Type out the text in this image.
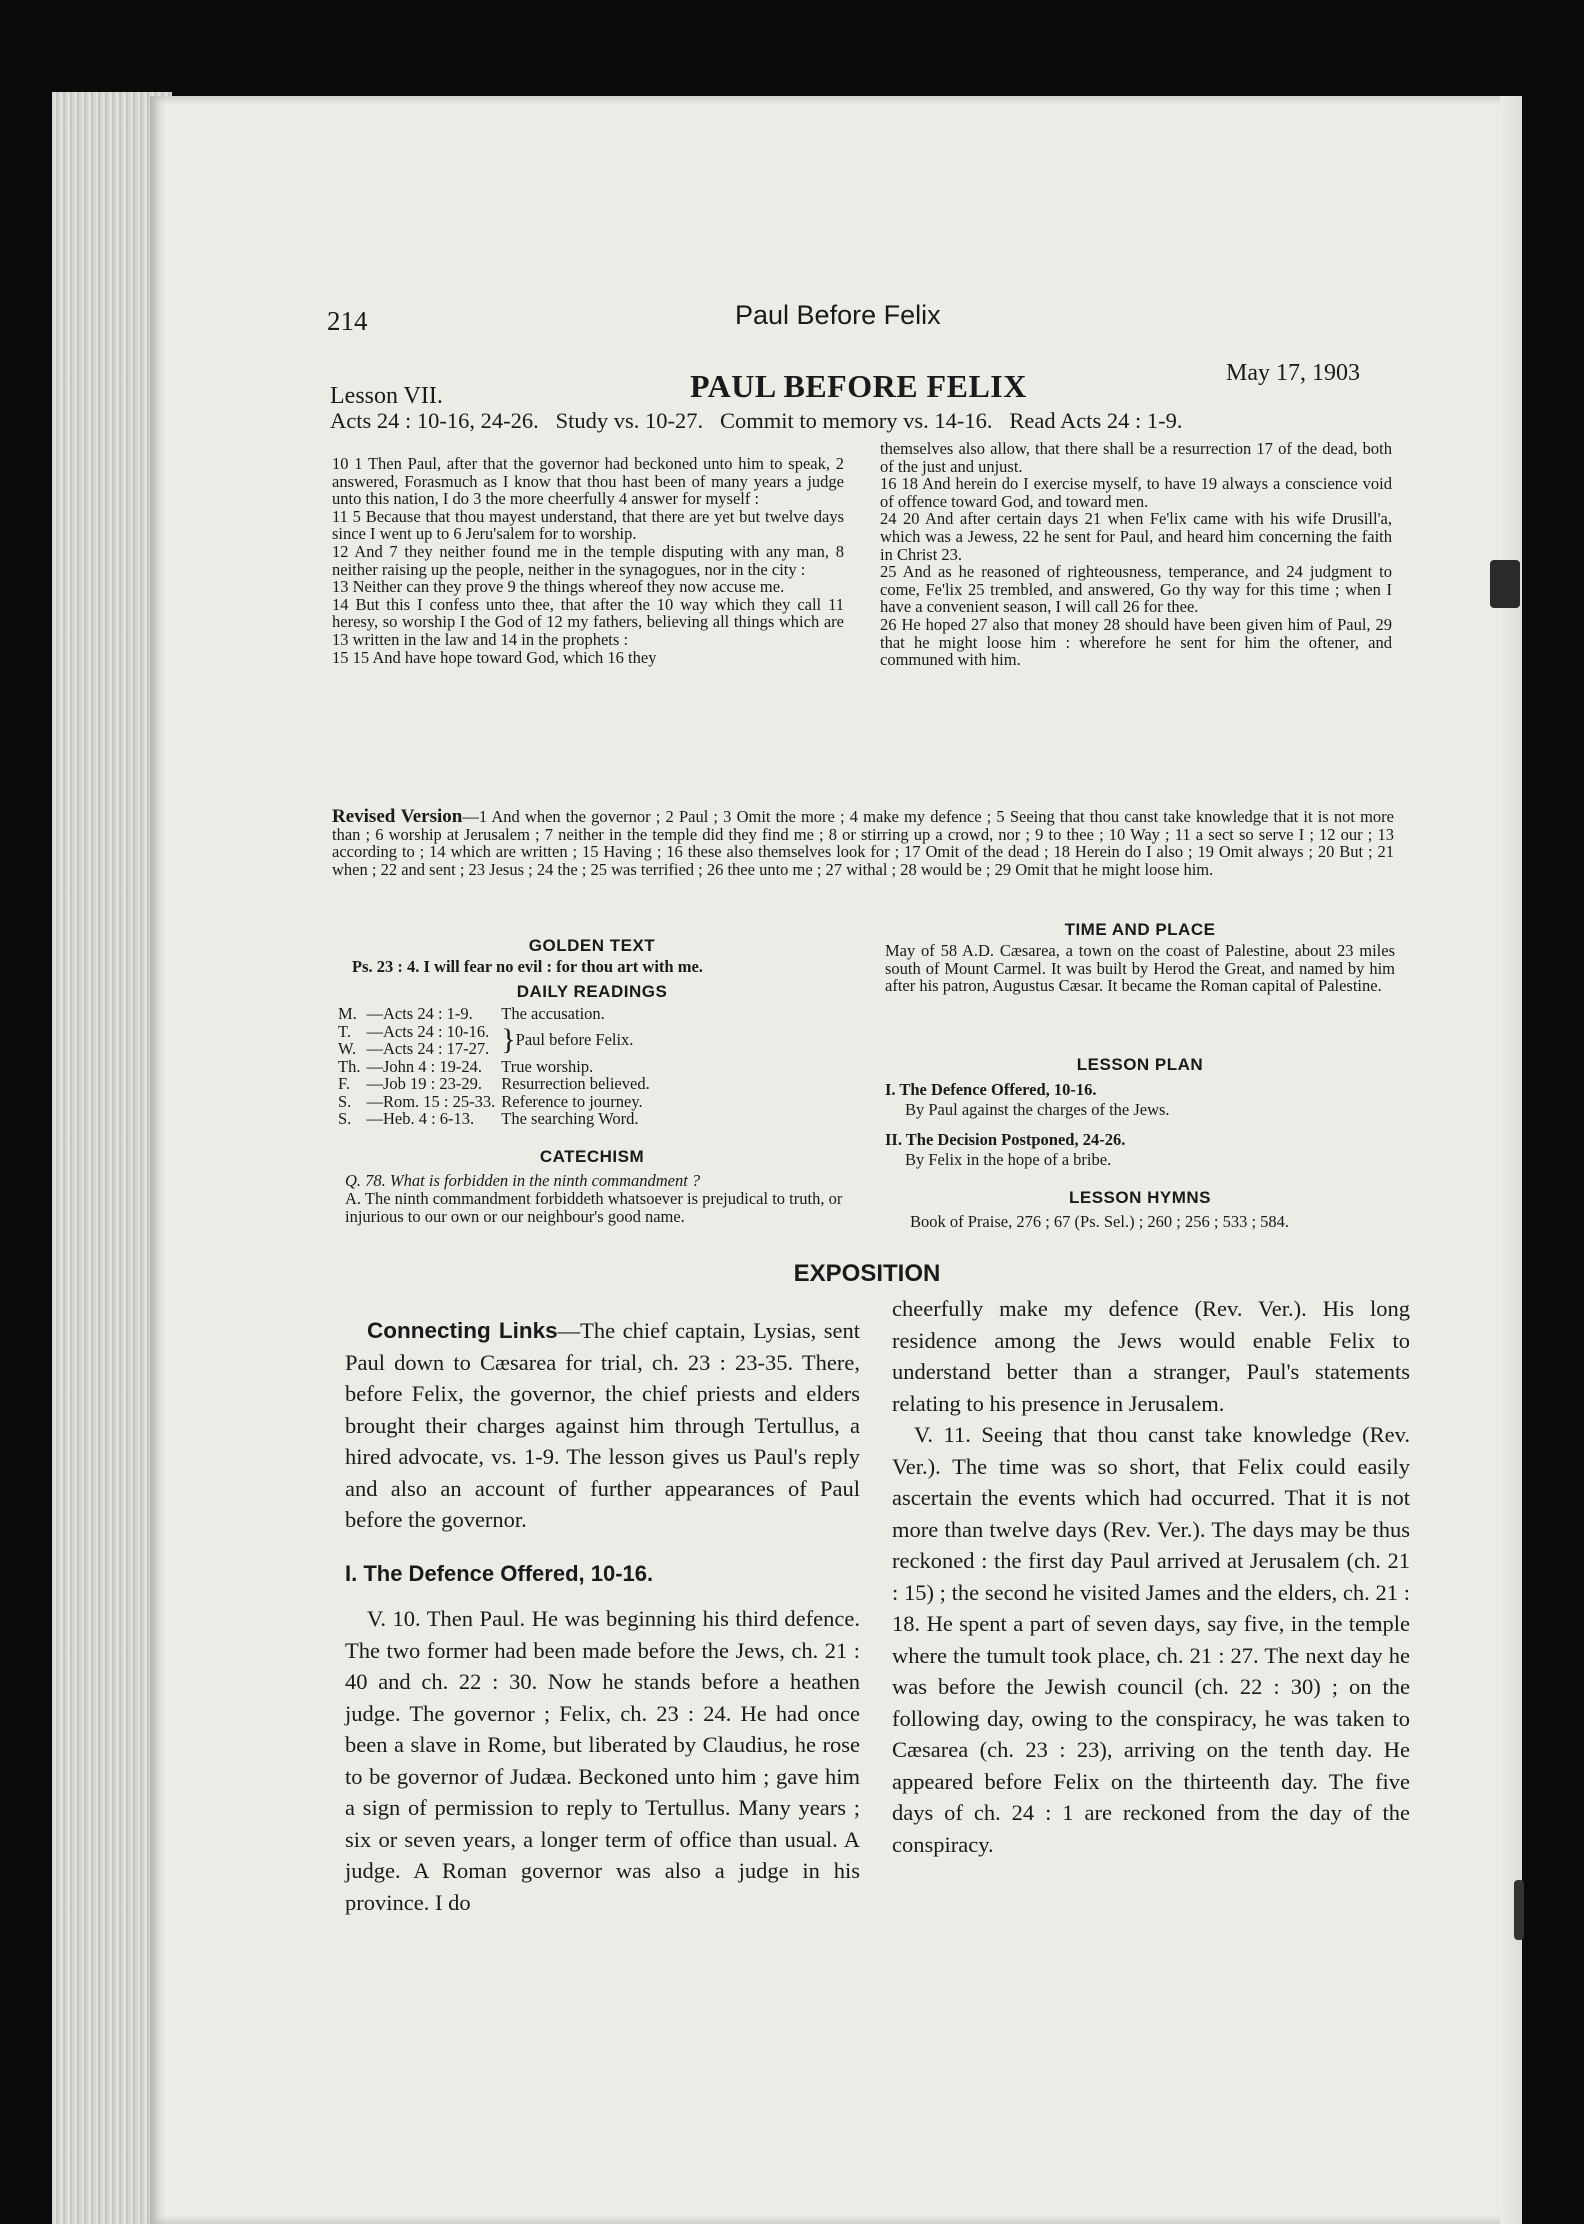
214	Paul Before Felix
Lesson VII.	PAUL BEFORE FELIX	May 17, 1903
Acts 24 : 10-16, 24-26.   Study vs. 10-27.   Commit to memory vs. 14-16.   Read Acts 24 : 1-9.

10 1 Then Paul, after that the governor had beckoned unto him to speak, 2 answered, Forasmuch as I know that thou hast been of many years a judge unto this nation, I do 3 the more cheerfully 4 answer for myself :

11 5 Because that thou mayest understand, that there are yet but twelve days since I went up to 6 Jeru'salem for to worship.

12 And 7 they neither found me in the temple disputing with any man, 8 neither raising up the people, neither in the synagogues, nor in the city :

13 Neither can they prove 9 the things whereof they now accuse me.

14 But this I confess unto thee, that after the 10 way which they call 11 heresy, so worship I the God of 12 my fathers, believing all things which are 13 written in the law and 14 in the prophets :

15 15 And have hope toward God, which 16 they

themselves also allow, that there shall be a resurrection 17 of the dead, both of the just and unjust.

16 18 And herein do I exercise myself, to have 19 always a conscience void of offence toward God, and toward men.

24 20 And after certain days 21 when Fe'lix came with his wife Drusill'a, which was a Jewess, 22 he sent for Paul, and heard him concerning the faith in Christ 23.

25 And as he reasoned of righteousness, temperance, and 24 judgment to come, Fe'lix 25 trembled, and answered, Go thy way for this time ; when I have a convenient season, I will call 26 for thee.

26 He hoped 27 also that money 28 should have been given him of Paul, 29 that he might loose him : wherefore he sent for him the oftener, and communed with him.

Revised Version—1 And when the governor ; 2 Paul ; 3 Omit the more ; 4 make my defence ; 5 Seeing that thou canst take knowledge that it is not more than ; 6 worship at Jerusalem ; 7 neither in the temple did they find me ; 8 or stirring up a crowd, nor ; 9 to thee ; 10 Way ; 11 a sect so serve I ; 12 our ; 13 according to ; 14 which are written ; 15 Having ; 16 these also themselves look for ; 17 Omit of the dead ; 18 Herein do I also ; 19 Omit always ; 20 But ; 21 when ; 22 and sent ; 23 Jesus ; 24 the ; 25 was terrified ; 26 thee unto me ; 27 withal ; 28 would be ; 29 Omit that he might loose him.
GOLDEN TEXT
Ps. 23 : 4. I will fear no evil : for thou art with me.
DAILY READINGS
M.	—Acts 24 : 1-9.	The accusation.
T.	—Acts 24 : 10-16.	}Paul before Felix.
W.	—Acts 24 : 17-27.	
Th.	—John 4 : 19-24.	True worship.
F.	—Job 19 : 23-29.	Resurrection believed.
S.	—Rom. 15 : 25-33.	Reference to journey.
S.	—Heb. 4 : 6-13.	The searching Word.
CATECHISM
Q. 78. What is forbidden in the ninth commandment ?
A. The ninth commandment forbiddeth whatsoever is prejudical to truth, or injurious to our own or our neighbour's good name.
TIME AND PLACE
May of 58 A.D. Cæsarea, a town on the coast of Palestine, about 23 miles south of Mount Carmel. It was built by Herod the Great, and named by him after his patron, Augustus Cæsar. It became the Roman capital of Palestine.
LESSON PLAN
I. The Defence Offered, 10-16.
By Paul against the charges of the Jews.
II. The Decision Postponed, 24-26.
By Felix in the hope of a bribe.
LESSON HYMNS
Book of Praise, 276 ; 67 (Ps. Sel.) ; 260 ; 256 ; 533 ; 584.
EXPOSITION

Connecting Links—The chief captain, Lysias, sent Paul down to Cæsarea for trial, ch. 23 : 23-35. There, before Felix, the governor, the chief priests and elders brought their charges against him through Tertullus, a hired advocate, vs. 1-9. The lesson gives us Paul's reply and also an account of further appearances of Paul before the governor.

I. The Defence Offered, 10-16.

V. 10. Then Paul. He was beginning his third defence. The two former had been made before the Jews, ch. 21 : 40 and ch. 22 : 30. Now he stands before a heathen judge. The governor ; Felix, ch. 23 : 24. He had once been a slave in Rome, but liberated by Claudius, he rose to be governor of Judæa. Beckoned unto him ; gave him a sign of permission to reply to Tertullus. Many years ; six or seven years, a longer term of office than usual. A judge. A Roman governor was also a judge in his province. I do

cheerfully make my defence (Rev. Ver.). His long residence among the Jews would enable Felix to understand better than a stranger, Paul's statements relating to his presence in Jerusalem.

V. 11. Seeing that thou canst take knowledge (Rev. Ver.). The time was so short, that Felix could easily ascertain the events which had occurred. That it is not more than twelve days (Rev. Ver.). The days may be thus reckoned : the first day Paul arrived at Jerusalem (ch. 21 : 15) ; the second he visited James and the elders, ch. 21 : 18. He spent a part of seven days, say five, in the temple where the tumult took place, ch. 21 : 27. The next day he was before the Jewish council (ch. 22 : 30) ; on the following day, owing to the conspiracy, he was taken to Cæsarea (ch. 23 : 23), arriving on the tenth day. He appeared before Felix on the thirteenth day. The five days of ch. 24 : 1 are reckoned from the day of the conspiracy.
